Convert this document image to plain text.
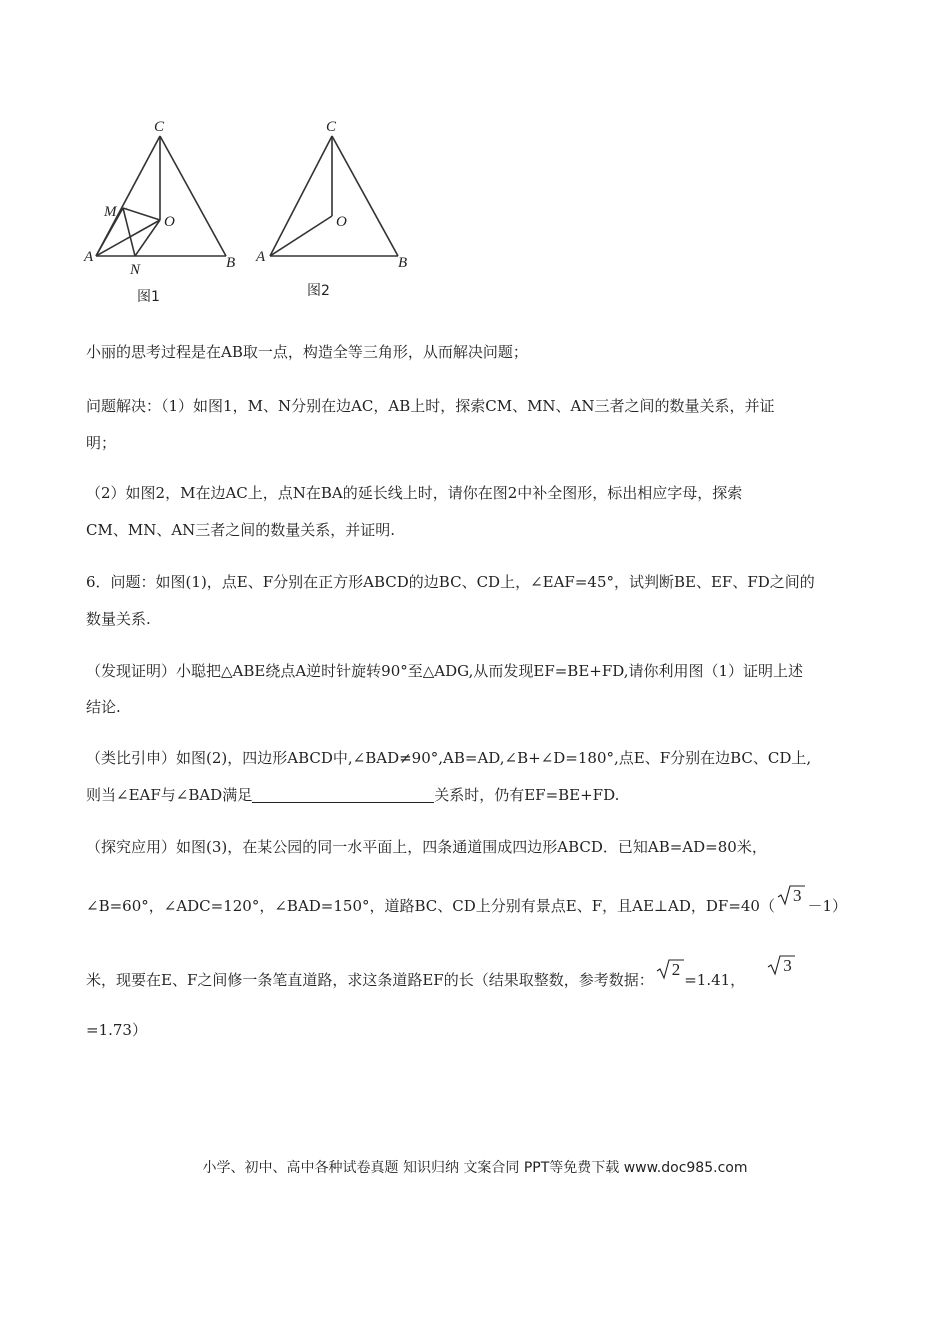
C
M
O
A
N	B
图1
C
O
A	B
图2
小丽的思考过程是在AB取一点，构造全等三角形，从而解决问题；
问题解决：（1）如图1，M、N分别在边AC，AB上时，探索CM、MN、AN三者之间的数量关系，并证
明；
（2）如图2，M在边AC上，点N在BA的延长线上时，请你在图2中补全图形，标出相应字母，探索
CM、MN、AN三者之间的数量关系，并证明.
6．问题：如图(1)，点E、F分别在正方形ABCD的边BC、CD上，∠EAF=45°，试判断BE、EF、FD之间的
数量关系.
（发现证明）小聪把△ABE绕点A逆时针旋转90°至△ADG,从而发现EF=BE+FD,请你利用图（1）证明上述
结论.
（类比引申）如图(2)，四边形ABCD中,∠BAD≠90°,AB=AD,∠B+∠D=180°,点E、F分别在边BC、CD上,
则当∠EAF与∠BAD满足	关系时，仍有EF=BE+FD.
（探究应用）如图(3)，在某公园的同一水平面上，四条通道围成四边形ABCD．已知AB=AD=80米，
∠B=60°，∠ADC=120°，∠BAD=150°，道路BC、CD上分别有景点E、F，且AE⊥AD，DF=40（
3－1）
米，现要在E、F之间修一条笔直道路，求这条道路EF的长（结果取整数，参考数据：
2=1.41，
3
=1.73）
小学、初中、高中各种试卷真题 知识归纳 文案合同 PPT等免费下载 www.doc985.com
